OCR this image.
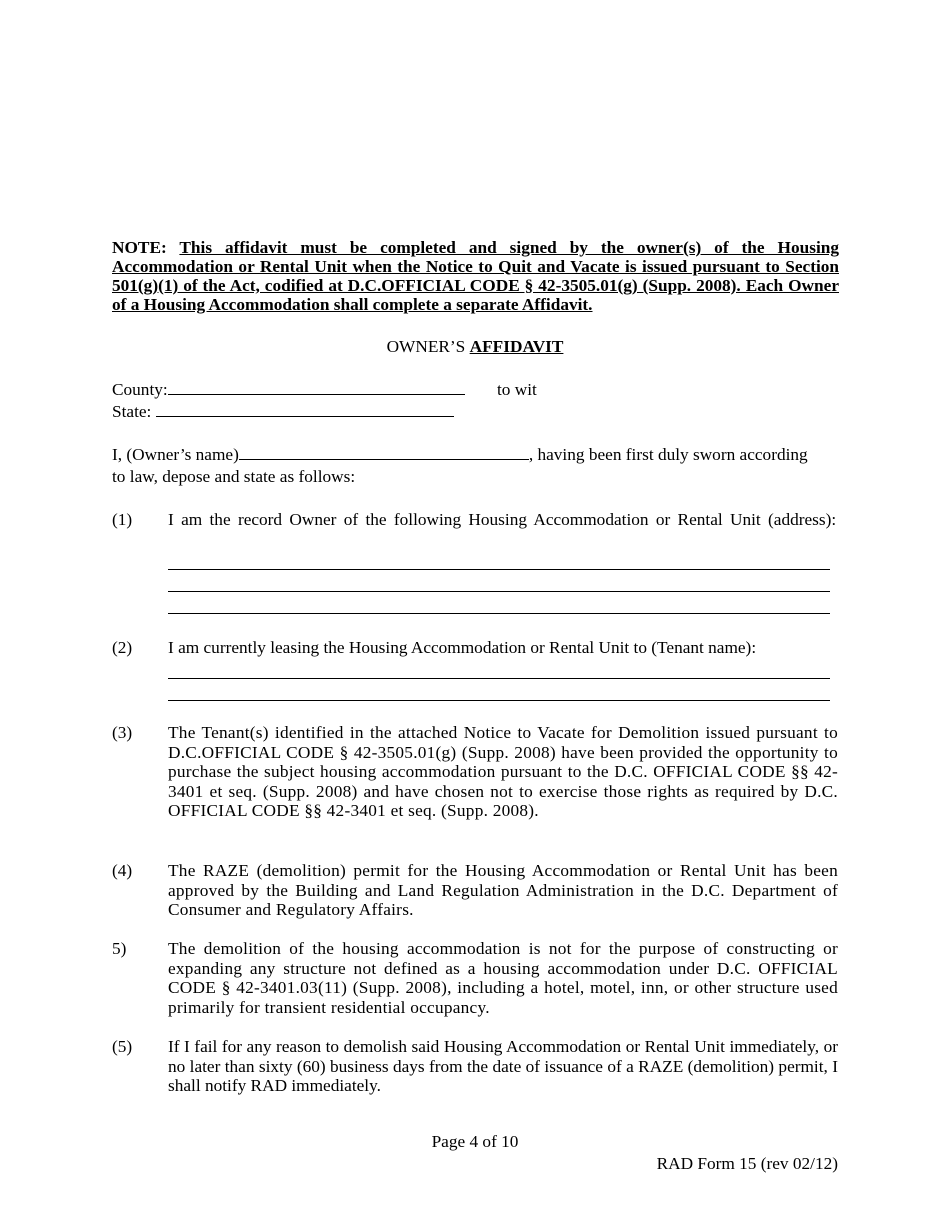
NOTE: This affidavit must be completed and signed by the owner(s) of the Housing Accommodation or Rental Unit when the Notice to Quit and Vacate is issued pursuant to Section 501(g)(1) of the Act, codified at D.C.OFFICIAL CODE § 42-3505.01(g) (Supp. 2008). Each Owner of a Housing Accommodation shall complete a separate Affidavit.
OWNER’S AFFIDAVIT
County:	to wit
State:
I, (Owner’s name)	, having been first duly sworn according
to law, depose and state as follows:
(1) I am the record Owner of the following Housing Accommodation or Rental Unit (address):
(2) I am currently leasing the Housing Accommodation or Rental Unit to (Tenant name):
(3) The Tenant(s) identified in the attached Notice to Vacate for Demolition issued pursuant to D.C.OFFICIAL CODE § 42-3505.01(g) (Supp. 2008) have been provided the opportunity to purchase the subject housing accommodation pursuant to the D.C. OFFICIAL CODE §§ 42-3401 et seq. (Supp. 2008) and have chosen not to exercise those rights as required by D.C. OFFICIAL CODE §§ 42-3401 et seq. (Supp. 2008).
(4) The RAZE (demolition) permit for the Housing Accommodation or Rental Unit has been approved by the Building and Land Regulation Administration in the D.C. Department of Consumer and Regulatory Affairs.
5) The demolition of the housing accommodation is not for the purpose of constructing or expanding any structure not defined as a housing accommodation under D.C. OFFICIAL CODE § 42-3401.03(11) (Supp. 2008), including a hotel, motel, inn, or other structure used primarily for transient residential occupancy.
(5) If I fail for any reason to demolish said Housing Accommodation or Rental Unit immediately, or no later than sixty (60) business days from the date of issuance of a RAZE (demolition) permit, I shall notify RAD immediately.
Page 4 of 10
RAD Form 15 (rev 02/12)
